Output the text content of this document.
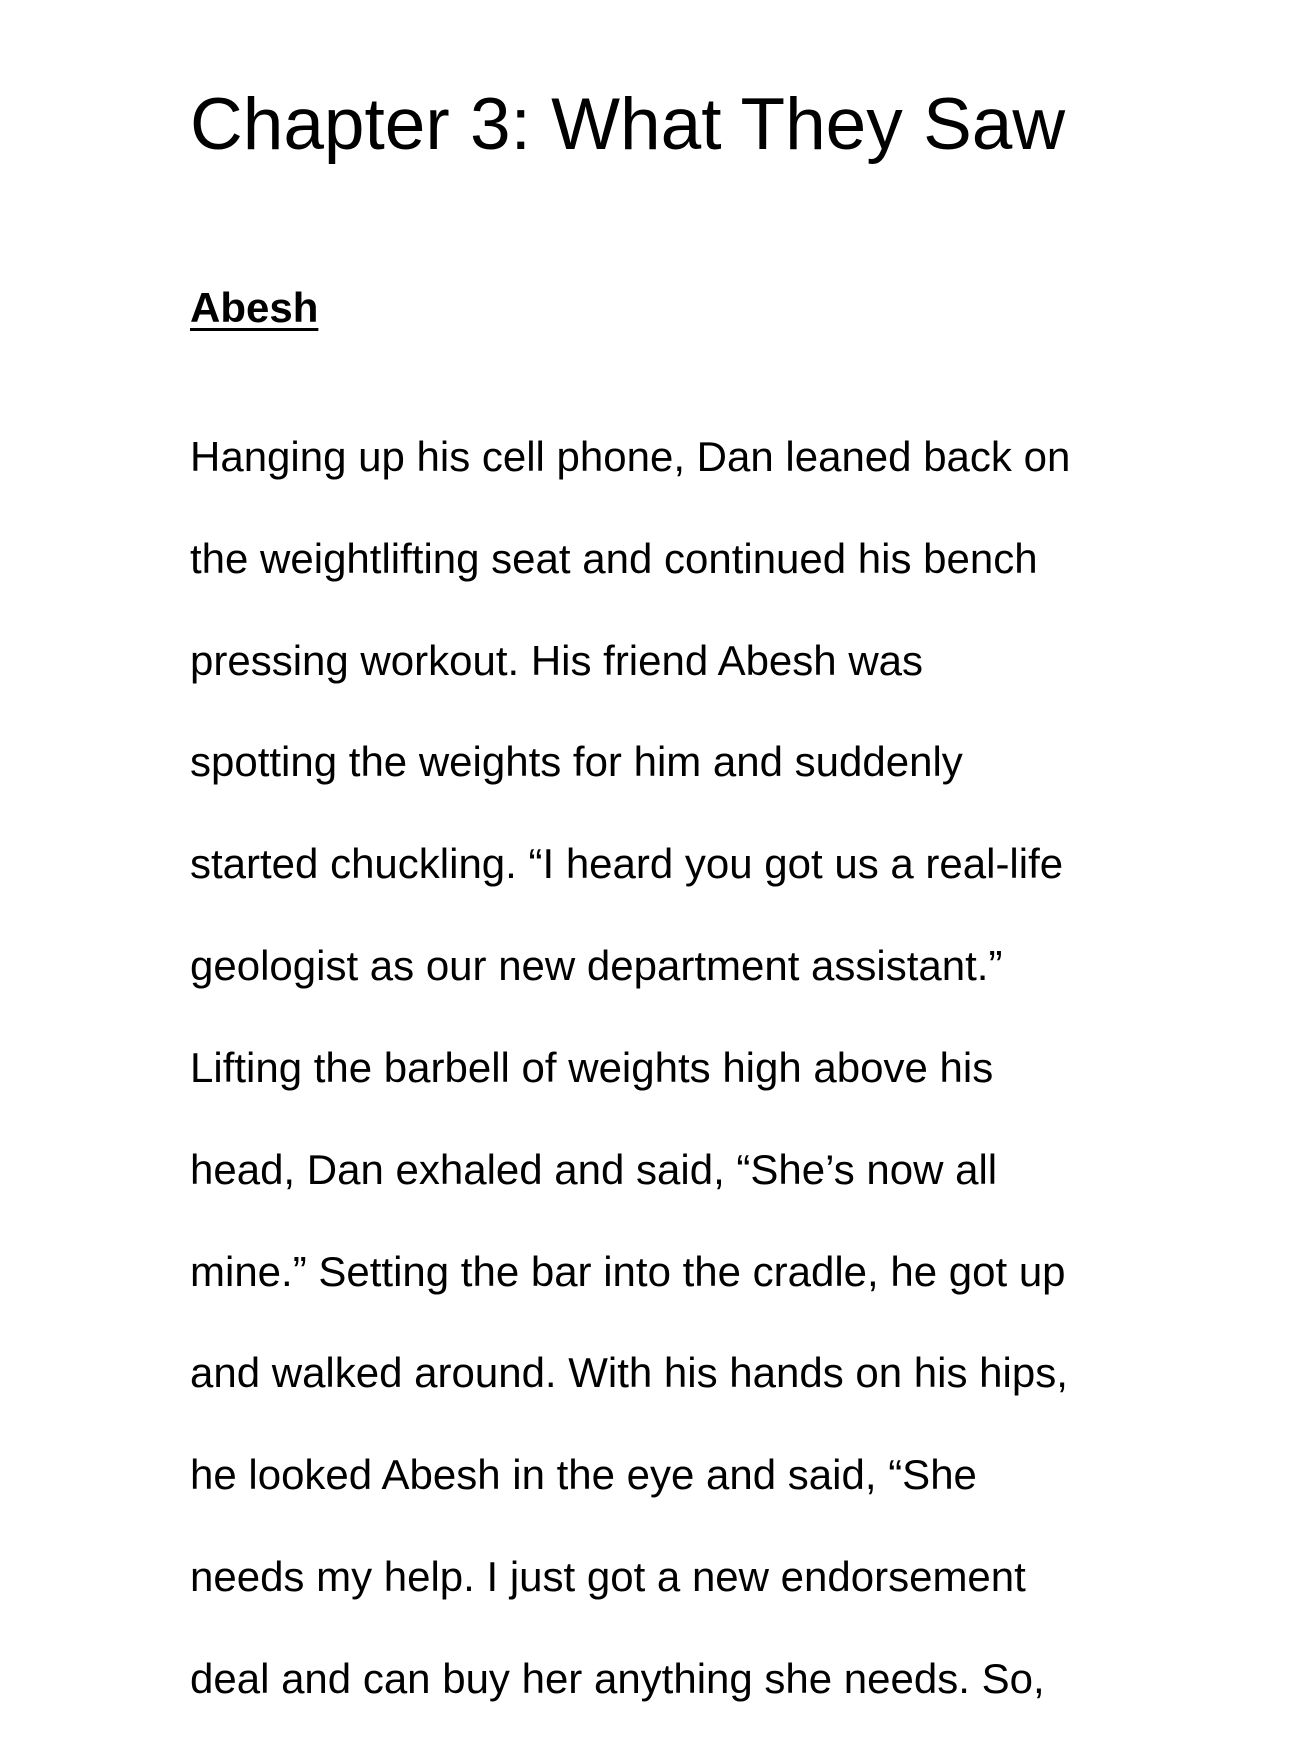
Chapter 3: What They Saw
Abesh

Hanging up his cell phone, Dan leaned back on

the weightlifting seat and continued his bench

pressing workout. His friend Abesh was

spotting the weights for him and suddenly

started chuckling. “I heard you got us a real-life

geologist as our new department assistant.”

Lifting the barbell of weights high above his

head, Dan exhaled and said, “She’s now all

mine.” Setting the bar into the cradle, he got up

and walked around. With his hands on his hips,

he looked Abesh in the eye and said, “She

needs my help. I just got a new endorsement

deal and can buy her anything she needs. So,
